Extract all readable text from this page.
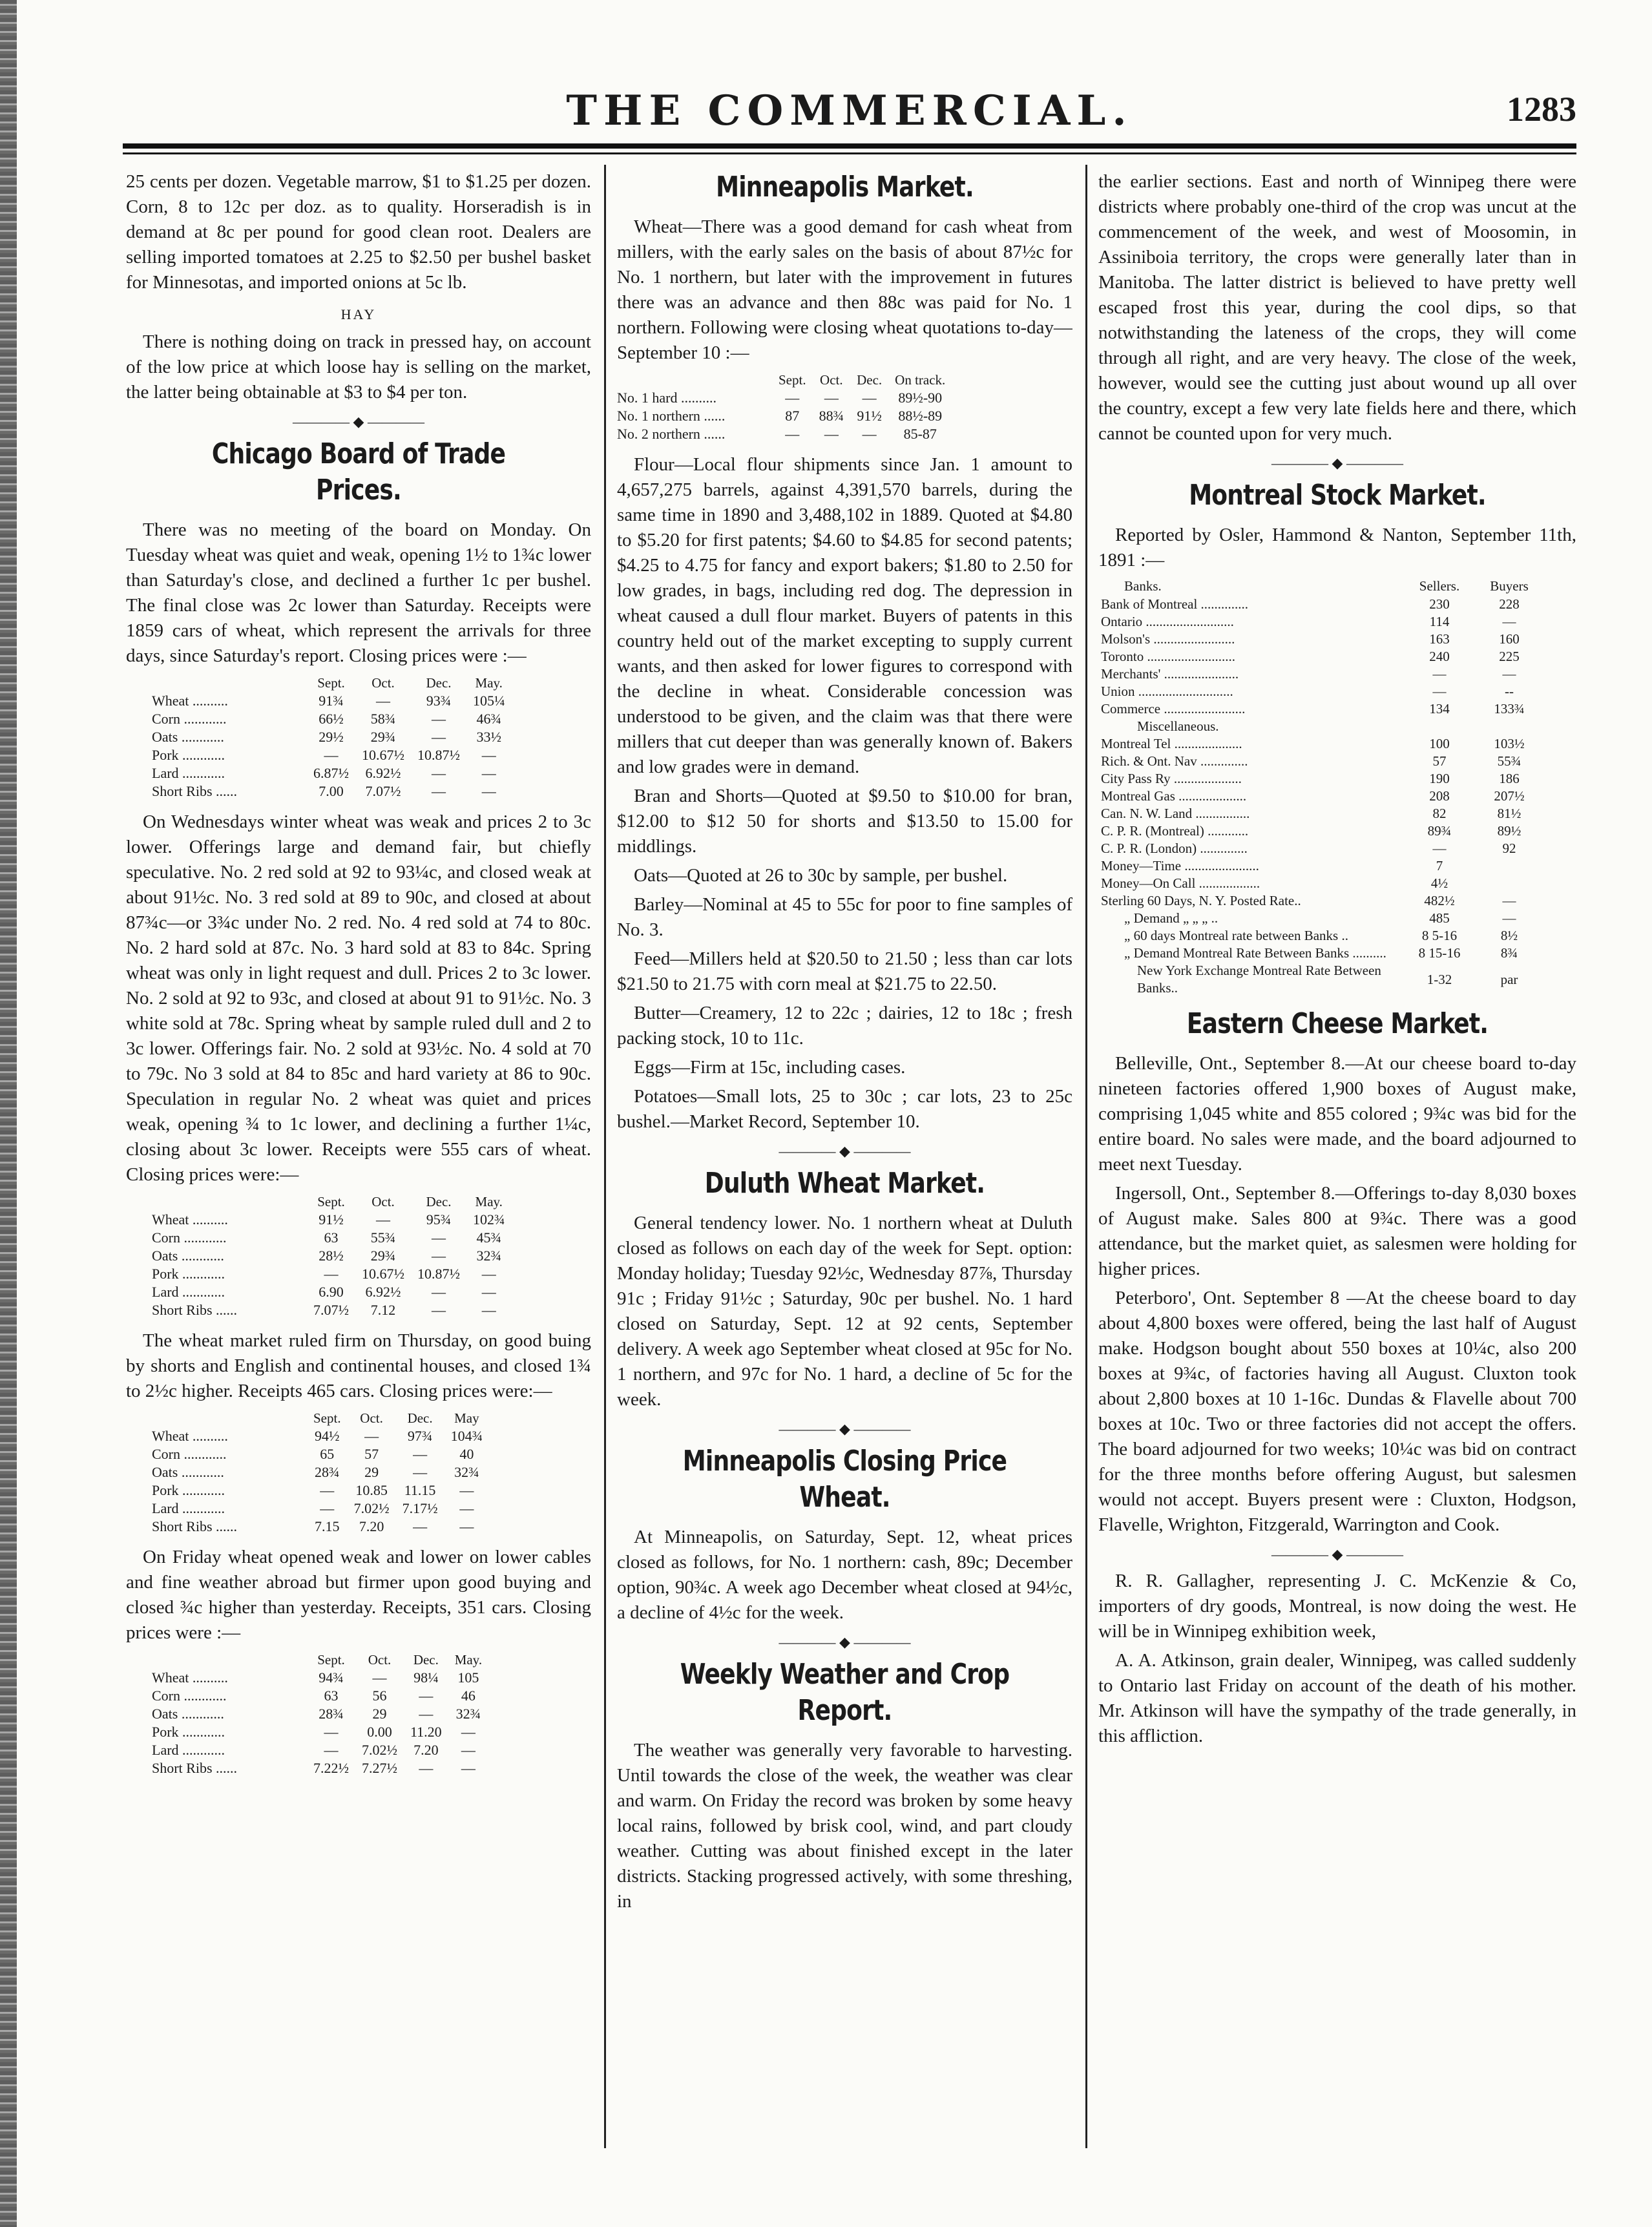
THE COMMERCIAL.	1283

25 cents per dozen. Vegetable marrow, $1 to $1.25 per dozen. Corn, 8 to 12c per doz. as to quality. Horseradish is in demand at 8c per pound for good clean root. Dealers are selling imported tomatoes at 2.25 to $2.50 per bushel basket for Minnesotas, and imported onions at 5c lb.

HAY

There is nothing doing on track in pressed hay, on account of the low price at which loose hay is selling on the market, the latter being obtainable at $3 to $4 per ton.

———— ◆ ————
Chicago Board of Trade Prices.

There was no meeting of the board on Monday. On Tuesday wheat was quiet and weak, opening 1½ to 1¾c lower than Saturday's close, and declined a further 1c per bushel. The final close was 2c lower than Saturday. Receipts were 1859 cars of wheat, which represent the arrivals for three days, since Saturday's report. Closing prices were :—

	Sept.	Oct.	Dec.	May.
Wheat ..........	91¾	—	93¾	105¼
Corn ............	66½	58¾	—	46¾
Oats ............	29½	29¾	—	33½
Pork ............	—	10.67½	10.87½	—
Lard ............	6.87½	6.92½	—	—
Short Ribs ......	7.00	7.07½	—	—

On Wednesdays winter wheat was weak and prices 2 to 3c lower. Offerings large and demand fair, but chiefly speculative. No. 2 red sold at 92 to 93¼c, and closed weak at about 91½c. No. 3 red sold at 89 to 90c, and closed at about 87¾c—or 3¾c under No. 2 red. No. 4 red sold at 74 to 80c. No. 2 hard sold at 87c. No. 3 hard sold at 83 to 84c. Spring wheat was only in light request and dull. Prices 2 to 3c lower. No. 2 sold at 92 to 93c, and closed at about 91 to 91½c. No. 3 white sold at 78c. Spring wheat by sample ruled dull and 2 to 3c lower. Offerings fair. No. 2 sold at 93½c. No. 4 sold at 70 to 79c. No 3 sold at 84 to 85c and hard variety at 86 to 90c. Speculation in regular No. 2 wheat was quiet and prices weak, opening ¾ to 1c lower, and declining a further 1¼c, closing about 3c lower. Receipts were 555 cars of wheat. Closing prices were:—

	Sept.	Oct.	Dec.	May.
Wheat ..........	91½	—	95¾	102¾
Corn ............	63	55¾	—	45¾
Oats ............	28½	29¾	—	32¾
Pork ............	—	10.67½	10.87½	—
Lard ............	6.90	6.92½	—	—
Short Ribs ......	7.07½	7.12	—	—

The wheat market ruled firm on Thursday, on good buing by shorts and English and continental houses, and closed 1¾ to 2½c higher. Receipts 465 cars. Closing prices were:—

	Sept.	Oct.	Dec.	May
Wheat ..........	94½	—	97¾	104¾
Corn ............	65	57	—	40
Oats ............	28¾	29	—	32¾
Pork ............	—	10.85	11.15	—
Lard ............	—	7.02½	7.17½	—
Short Ribs ......	7.15	7.20	—	—

On Friday wheat opened weak and lower on lower cables and fine weather abroad but firmer upon good buying and closed ¾c higher than yesterday. Receipts, 351 cars. Closing prices were :—

	Sept.	Oct.	Dec.	May.
Wheat ..........	94¾	—	98¼	105
Corn ............	63	56	—	46
Oats ............	28¾	29	—	32¾
Pork ............	—	0.00	11.20	—
Lard ............	—	7.02½	7.20	—
Short Ribs ......	7.22½	7.27½	—	—
Minneapolis Market.

Wheat—There was a good demand for cash wheat from millers, with the early sales on the basis of about 87½c for No. 1 northern, but later with the improvement in futures there was an advance and then 88c was paid for No. 1 northern. Following were closing wheat quotations to-day—September 10 :—

	Sept.	Oct.	Dec.	On track.
No. 1 hard ..........	—	—	—	89½-90
No. 1 northern ......	87	88¾	91½	88½-89
No. 2 northern ......	—	—	—	85-87

Flour—Local flour shipments since Jan. 1 amount to 4,657,275 barrels, against 4,391,570 barrels, during the same time in 1890 and 3,488,102 in 1889. Quoted at $4.80 to $5.20 for first patents; $4.60 to $4.85 for second patents; $4.25 to 4.75 for fancy and export bakers; $1.80 to 2.50 for low grades, in bags, including red dog. The depression in wheat caused a dull flour market. Buyers of patents in this country held out of the market excepting to supply current wants, and then asked for lower figures to correspond with the decline in wheat. Considerable concession was understood to be given, and the claim was that there were millers that cut deeper than was generally known of. Bakers and low grades were in demand.

Bran and Shorts—Quoted at $9.50 to $10.00 for bran, $12.00 to $12 50 for shorts and $13.50 to 15.00 for middlings.

Oats—Quoted at 26 to 30c by sample, per bushel.

Barley—Nominal at 45 to 55c for poor to fine samples of No. 3.

Feed—Millers held at $20.50 to 21.50 ; less than car lots $21.50 to 21.75 with corn meal at $21.75 to 22.50.

Butter—Creamery, 12 to 22c ; dairies, 12 to 18c ; fresh packing stock, 10 to 11c.

Eggs—Firm at 15c, including cases.

Potatoes—Small lots, 25 to 30c ; car lots, 23 to 25c bushel.—Market Record, September 10.

———— ◆ ————
Duluth Wheat Market.

General tendency lower. No. 1 northern wheat at Duluth closed as follows on each day of the week for Sept. option: Monday holiday; Tuesday 92½c, Wednesday 87⅞, Thursday 91c ; Friday 91½c ; Saturday, 90c per bushel. No. 1 hard closed on Saturday, Sept. 12 at 92 cents, September delivery. A week ago September wheat closed at 95c for No. 1 northern, and 97c for No. 1 hard, a decline of 5c for the week.

———— ◆ ————
Minneapolis Closing Price Wheat.

At Minneapolis, on Saturday, Sept. 12, wheat prices closed as follows, for No. 1 northern: cash, 89c; December option, 90¾c. A week ago December wheat closed at 94½c, a decline of 4½c for the week.

———— ◆ ————
Weekly Weather and Crop Report.

The weather was generally very favorable to harvesting. Until towards the close of the week, the weather was clear and warm. On Friday the record was broken by some heavy local rains, followed by brisk cool, wind, and part cloudy weather. Cutting was about finished except in the later districts. Stacking progressed actively, with some threshing, in

the earlier sections. East and north of Winnipeg there were districts where probably one-third of the crop was uncut at the commencement of the week, and west of Moosomin, in Assiniboia territory, the crops were generally later than in Manitoba. The latter district is believed to have pretty well escaped frost this year, during the cool dips, so that notwithstanding the lateness of the crops, they will come through all right, and are very heavy. The close of the week, however, would see the cutting just about wound up all over the country, except a few very late fields here and there, which cannot be counted upon for very much.

———— ◆ ————
Montreal Stock Market.

Reported by Osler, Hammond & Nanton, September 11th, 1891 :—

Banks.	Sellers.	Buyers
Bank of Montreal ..............	230	228
Ontario ..........................	114	—
Molson's ........................	163	160
Toronto ..........................	240	225
Merchants' ......................	—	—
Union ............................	—	--
Commerce ........................	134	133¾
Miscellaneous.		
Montreal Tel ....................	100	103½
Rich. & Ont. Nav ..............	57	55¾
City Pass Ry ....................	190	186
Montreal Gas ....................	208	207½
Can. N. W. Land ................	82	81½
C. P. R. (Montreal) ............	89¾	89½
C. P. R. (London) ..............	—	92
Money—Time ......................	7	
Money—On Call ..................	4½	
Sterling 60 Days, N. Y. Posted Rate..	482½	—
„ Demand „ „ „ ..	485	—
„ 60 days Montreal rate between Banks ..	8 5-16	8½
„ Demand Montreal Rate Between Banks ..........	8 15-16	8¾
New York Exchange Montreal Rate Between Banks..	1-32	par
Eastern Cheese Market.

Belleville, Ont., September 8.—At our cheese board to-day nineteen factories offered 1,900 boxes of August make, comprising 1,045 white and 855 colored ; 9¾c was bid for the entire board. No sales were made, and the board adjourned to meet next Tuesday.

Ingersoll, Ont., September 8.—Offerings to-day 8,030 boxes of August make. Sales 800 at 9¾c. There was a good attendance, but the market quiet, as salesmen were holding for higher prices.

Peterboro', Ont. September 8 —At the cheese board to day about 4,800 boxes were offered, being the last half of August make. Hodgson bought about 550 boxes at 10¼c, also 200 boxes at 9¾c, of factories having all August. Cluxton took about 2,800 boxes at 10 1-16c. Dundas & Flavelle about 700 boxes at 10c. Two or three factories did not accept the offers. The board adjourned for two weeks; 10¼c was bid on contract for the three months before offering August, but salesmen would not accept. Buyers present were : Cluxton, Hodgson, Flavelle, Wrighton, Fitzgerald, Warrington and Cook.

———— ◆ ————

R. R. Gallagher, representing J. C. McKenzie & Co, importers of dry goods, Montreal, is now doing the west. He will be in Winnipeg exhibition week,

A. A. Atkinson, grain dealer, Winnipeg, was called suddenly to Ontario last Friday on account of the death of his mother. Mr. Atkinson will have the sympathy of the trade generally, in this affliction.
